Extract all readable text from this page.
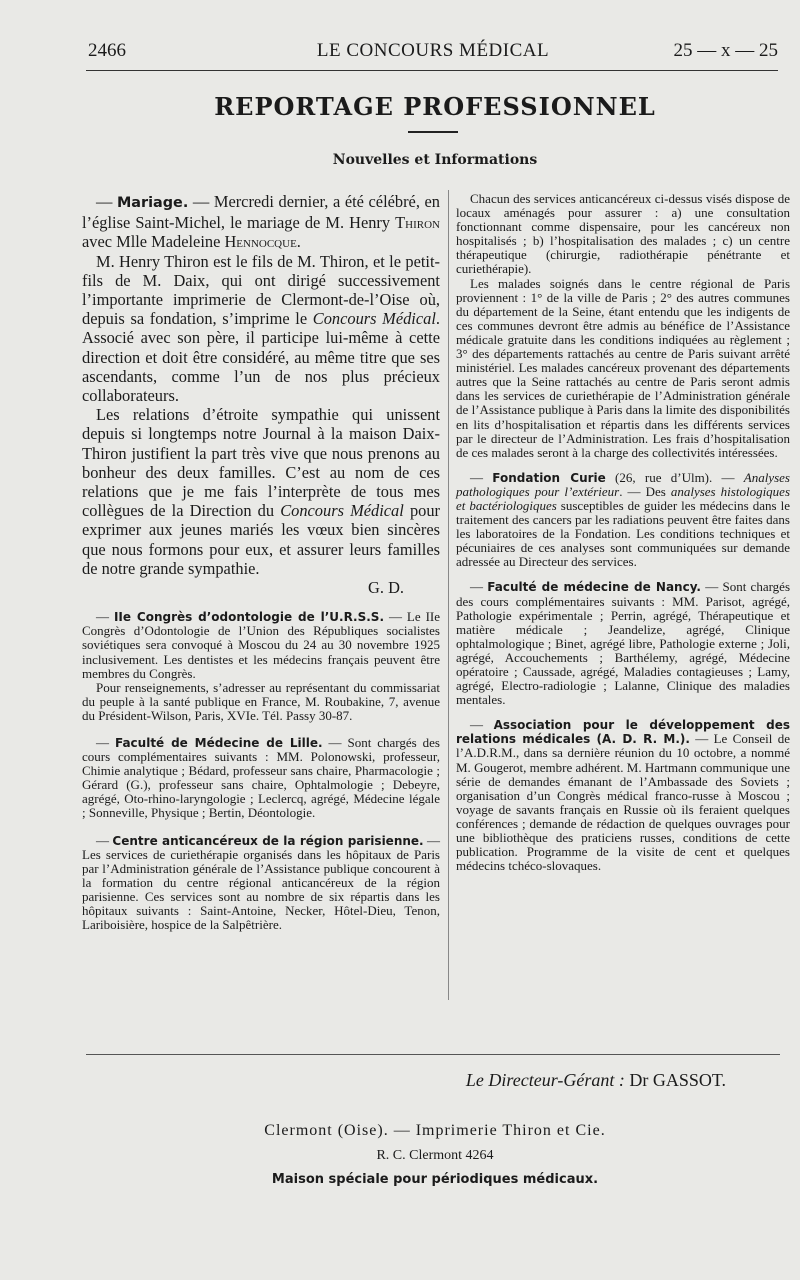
2466	LE CONCOURS MÉDICAL	25 — x — 25
REPORTAGE PROFESSIONNEL
Nouvelles et Informations

— Mariage. — Mercredi dernier, a été célébré, en l’église Saint-Michel, le mariage de M. Henry Thiron avec Mlle Madeleine Hennocque.

M. Henry Thiron est le fils de M. Thiron, et le petit-fils de M. Daix, qui ont dirigé successivement l’importante imprimerie de Clermont-de-l’Oise où, depuis sa fondation, s’imprime le Concours Médical. Associé avec son père, il participe lui-même à cette direction et doit être considéré, au même titre que ses ascendants, comme l’un de nos plus précieux collaborateurs.

Les relations d’étroite sympathie qui unissent depuis si longtemps notre Journal à la maison Daix-Thiron justifient la part très vive que nous prenons au bonheur des deux familles. C’est au nom de ces relations que je me fais l’interprète de tous mes collègues de la Direction du Concours Médical pour exprimer aux jeunes mariés les vœux bien sincères que nous formons pour eux, et assurer leurs familles de notre grande sympathie.

G. D.

— IIe Congrès d’odontologie de l’U.R.S.S. — Le IIe Congrès d’Odontologie de l’Union des Républiques socialistes soviétiques sera convoqué à Moscou du 24 au 30 novembre 1925 inclusivement. Les dentistes et les médecins français peuvent être membres du Congrès.

Pour renseignements, s’adresser au représentant du commissariat du peuple à la santé publique en France, M. Roubakine, 7, avenue du Président-Wilson, Paris, XVIe. Tél. Passy 30-87.

— Faculté de Médecine de Lille. — Sont chargés des cours complémentaires suivants : MM. Polonowski, professeur, Chimie analytique ; Bédard, professeur sans chaire, Pharmacologie ; Gérard (G.), professeur sans chaire, Ophtalmologie ; Debeyre, agrégé, Oto-rhino-laryngologie ; Leclercq, agrégé, Médecine légale ; Sonneville, Physique ; Bertin, Déontologie.

— Centre anticancéreux de la région parisienne. — Les services de curiethérapie organisés dans les hôpitaux de Paris par l’Administration générale de l’Assistance publique concourent à la formation du centre régional anticancéreux de la région parisienne. Ces services sont au nombre de six répartis dans les hôpitaux suivants : Saint-Antoine, Necker, Hôtel-Dieu, Tenon, Lariboisière, hospice de la Salpêtrière.

Chacun des services anticancéreux ci-dessus visés dispose de locaux aménagés pour assurer : a) une consultation fonctionnant comme dispensaire, pour les cancéreux non hospitalisés ; b) l’hospitalisation des malades ; c) un centre thérapeutique (chirurgie, radiothérapie pénétrante et curiethérapie).

Les malades soignés dans le centre régional de Paris proviennent : 1° de la ville de Paris ; 2° des autres communes du département de la Seine, étant entendu que les indigents de ces communes devront être admis au bénéfice de l’Assistance médicale gratuite dans les conditions indiquées au règlement ; 3° des départements rattachés au centre de Paris suivant arrêté ministériel. Les malades cancéreux provenant des départements autres que la Seine rattachés au centre de Paris seront admis dans les services de curiethérapie de l’Administration générale de l’Assistance publique à Paris dans la limite des disponibilités en lits d’hospitalisation et répartis dans les différents services par le directeur de l’Administration. Les frais d’hospitalisation de ces malades seront à la charge des collectivités intéressées.

— Fondation Curie (26, rue d’Ulm). — Analyses pathologiques pour l’extérieur. — Des analyses histologiques et bactériologiques susceptibles de guider les médecins dans le traitement des cancers par les radiations peuvent être faites dans les laboratoires de la Fondation. Les conditions techniques et pécuniaires de ces analyses sont communiquées sur demande adressée au Directeur des services.

— Faculté de médecine de Nancy. — Sont chargés des cours complémentaires suivants : MM. Parisot, agrégé, Pathologie expérimentale ; Perrin, agrégé, Thérapeutique et matière médicale ; Jeandelize, agrégé, Clinique ophtalmologique ; Binet, agrégé libre, Pathologie externe ; Joli, agrégé, Accouchements ; Barthélemy, agrégé, Médecine opératoire ; Caussade, agrégé, Maladies contagieuses ; Lamy, agrégé, Electro-radiologie ; Lalanne, Clinique des maladies mentales.

— Association pour le développement des relations médicales (A. D. R. M.). — Le Conseil de l’A.D.R.M., dans sa dernière réunion du 10 octobre, a nommé M. Gougerot, membre adhérent. M. Hartmann communique une série de demandes émanant de l’Ambassade des Soviets ; organisation d’un Congrès médical franco-russe à Moscou ; voyage de savants français en Russie où ils feraient quelques conférences ; demande de rédaction de quelques ouvrages pour une bibliothèque des praticiens russes, conditions de cette publication. Programme de la visite de cent et quelques médecins tchéco-slovaques.

Le Directeur-Gérant : Dr GASSOT.
Clermont (Oise). — Imprimerie Thiron et Cie.
R. C. Clermont 4264
Maison spéciale pour périodiques médicaux.
